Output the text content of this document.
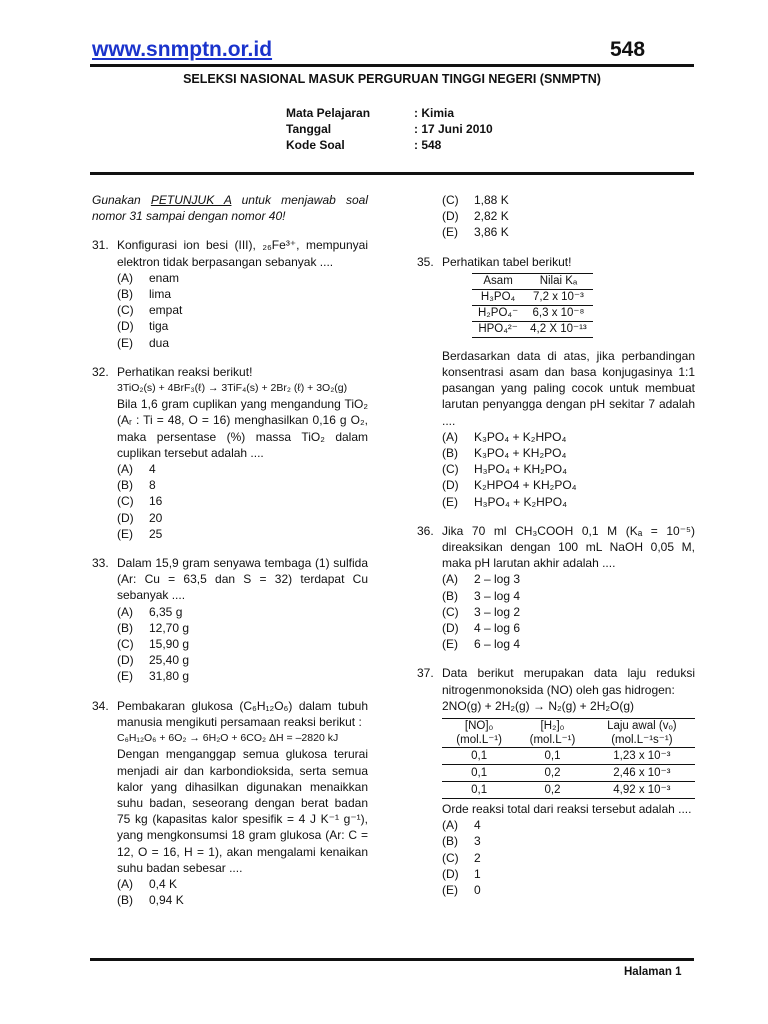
www.snmptn.or.id	548
SELEKSI NASIONAL MASUK PERGURUAN TINGGI NEGERI (SNMPTN)
Mata Pelajaran	: Kimia
Tanggal	: 17 Juni 2010
Kode Soal	: 548
Gunakan PETUNJUK A untuk menjawab soal nomor 31 sampai dengan nomor 40!
31. Konfigurasi ion besi (III), ₂₆Fe³⁺, mempunyai elektron tidak berpasangan sebanyak ....
(A)	enam
(B)	lima
(C)	empat
(D)	tiga
(E)	dua
32. Perhatikan reaksi berikut!
3TiO₂(s) + 4BrF₃(ℓ) → 3TiF₄(s) + 2Br₂ (ℓ) + 3O₂(g)
Bila 1,6 gram cuplikan yang mengandung TiO₂ (Aᵣ : Ti = 48, O = 16) menghasilkan 0,16 g O₂, maka persentase (%) massa TiO₂ dalam cuplikan tersebut adalah ....
(A)	4
(B)	8
(C)	16
(D)	20
(E)	25
33. Dalam 15,9 gram senyawa tembaga (1) sulfida (Ar: Cu = 63,5 dan S = 32) terdapat Cu sebanyak ....
(A)	6,35 g
(B)	12,70 g
(C)	15,90 g
(D)	25,40 g
(E)	31,80 g
34. Pembakaran glukosa (C₆H₁₂O₆) dalam tubuh manusia mengikuti persamaan reaksi berikut :
C₆H₁₂O₆ + 6O₂ → 6H₂O + 6CO₂ ΔH = –2820 kJ
Dengan menganggap semua glukosa terurai menjadi air dan karbondioksida, serta semua kalor yang dihasilkan digunakan menaikkan suhu badan, seseorang dengan berat badan 75 kg (kapasitas kalor spesifik = 4 J K⁻¹ g⁻¹), yang mengkonsumsi 18 gram glukosa (Ar: C = 12, O = 16, H = 1), akan mengalami kenaikan suhu badan sebesar ....
(A)	0,4 K
(B)	0,94 K
(C)	1,88 K
(D)	2,82 K
(E)	3,86 K
35. Perhatikan tabel berikut!
Asam	Nilai Kₐ
H₃PO₄	7,2 x 10⁻³
H₂PO₄⁻	6,3 x 10⁻⁸
HPO₄²⁻	4,2 X 10⁻¹³
Berdasarkan data di atas, jika perbandingan konsentrasi asam dan basa konjugasinya 1:1 pasangan yang paling cocok untuk membuat larutan penyangga dengan pH sekitar 7 adalah ....
(A)	K₃PO₄ + K₂HPO₄
(B)	K₃PO₄ + KH₂PO₄
(C)	H₃PO₄ + KH₂PO₄
(D)	K₂HPO4 + KH₂PO₄
(E)	H₃PO₄ + K₂HPO₄
36. Jika 70 ml CH₃COOH 0,1 M (Kₐ = 10⁻⁵) direaksikan dengan 100 mL NaOH 0,05 M, maka pH larutan akhir adalah ....
(A)	2 – log 3
(B)	3 – log 4
(C)	3 – log 2
(D)	4 – log 6
(E)	6 – log 4
37. Data berikut merupakan data laju reduksi nitrogenmonoksida (NO) oleh gas hidrogen:
2NO(g) + 2H₂(g) → N₂(g) + 2H₂O(g)
[NO]₀ (mol.L⁻¹)	[H₂]₀ (mol.L⁻¹)	Laju awal (vₒ) (mol.L⁻¹s⁻¹)
0,1	0,1	1,23 x 10⁻³
0,1	0,2	2,46 x 10⁻³
0,1	0,2	4,92 x 10⁻³
Orde reaksi total dari reaksi tersebut adalah ....
(A)	4
(B)	3
(C)	2
(D)	1
(E)	0
Halaman 1
